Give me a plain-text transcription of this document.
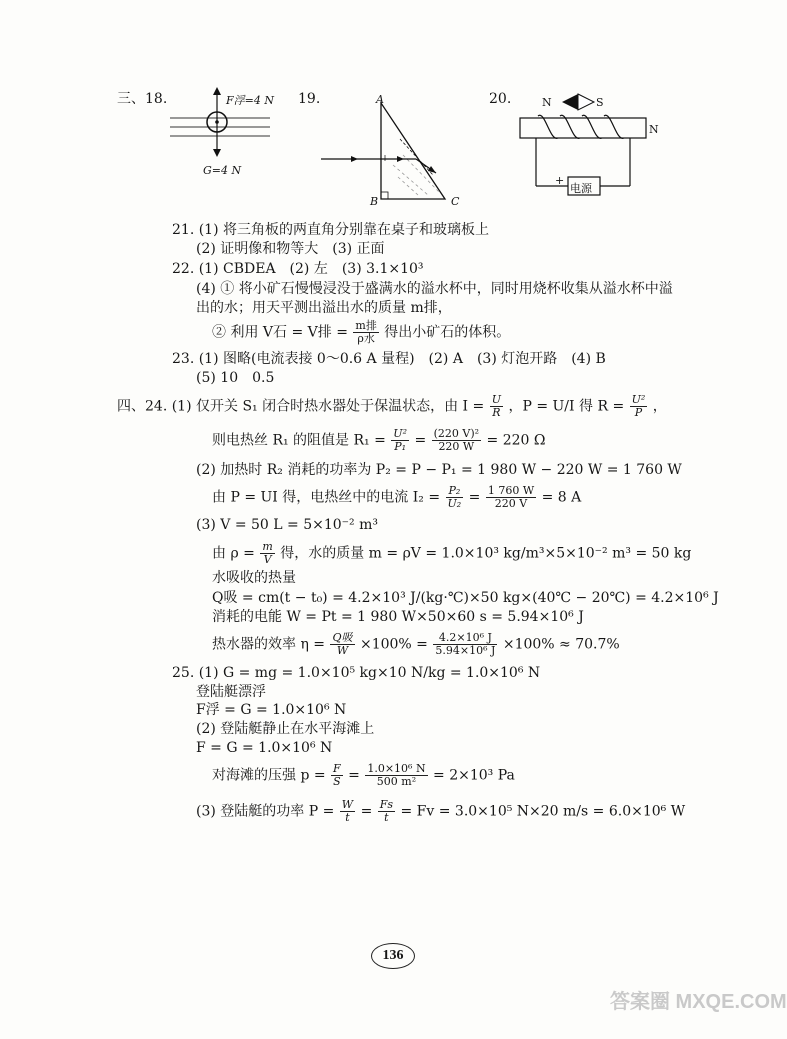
三、18.	F浮=4 N
G=4 N
19.	A
B	C
20.	N	S
N
+
电源
21. (1) 将三角板的两直角分别靠在桌子和玻璃板上
(2) 证明像和物等大　(3) 正面
22. (1) CBDEA　(2) 左　(3) 3.1×10³
(4) ① 将小矿石慢慢浸没于盛满水的溢水杯中，同时用烧杯收集从溢水杯中溢
出的水；用天平测出溢出水的质量 m排，
② 利用 V石 = V排 = $\frac{\text{m排}}{\text{ρ水}}$ 得出小矿石的体积。
23. (1) 图略(电流表接 0～0.6 A 量程)　(2) A　(3) 灯泡开路　(4) B
(5) 10　0.5
四、24. (1) 仅开关 S₁ 闭合时热水器处于保温状态，由 $I = \frac{U}{R}$ ，P = U/I 得 $R = \frac{\text{U²}}{P}$ ，
则电热丝 R₁ 的阻值是 $R_1 = \frac{\text{U²}}{\text{P₁}} = \frac{\text{(220 V)²}}{220 W} = 220$ Ω
(2) 加热时 R₂ 消耗的功率为 P₂ = P − P₁ = 1 980 W − 220 W = 1 760 W
由 P = UI 得，电热丝中的电流 $I_2 = \frac{\text{P₂}}{\text{U₂}} = \frac{1 760 W}{220 V} = 8$ A
(3) V = 50 L = 5×10⁻² m³
由 $\rho = \frac{m}{V}$ 得，水的质量 m = ρV = 1.0×10³ kg/m³×5×10⁻² m³ = 50 kg
水吸收的热量
Q吸 = cm(t − t₀) = 4.2×10³ J/(kg·℃)×50 kg×(40℃ − 20℃) = 4.2×10⁶ J
消耗的电能 W = Pt = 1 980 W×50×60 s = 5.94×10⁶ J
热水器的效率 $\eta = \frac{\text{Q吸}}{W} \times 100\% = \frac{\text{4.2×10⁶ J}}{\text{5.94×10⁶ J}} \times 100\% \approx 70.7\%$
25. (1) G = mg = 1.0×10⁵ kg×10 N/kg = 1.0×10⁶ N
登陆艇漂浮
F浮 = G = 1.0×10⁶ N
(2) 登陆艇静止在水平海滩上
F = G = 1.0×10⁶ N
对海滩的压强 $p = \frac{F}{S} = \frac{\text{1.0×10⁶ N}}{\text{500 m²}} = 2\times 10^3$ Pa
(3) 登陆艇的功率 $P = \frac{W}{t} = \frac{Fs}{t} = Fv = 3.0\times 10^5$ N×20 m/s = 6.0×10⁶ W
136
答案圈 MXQE.COM
